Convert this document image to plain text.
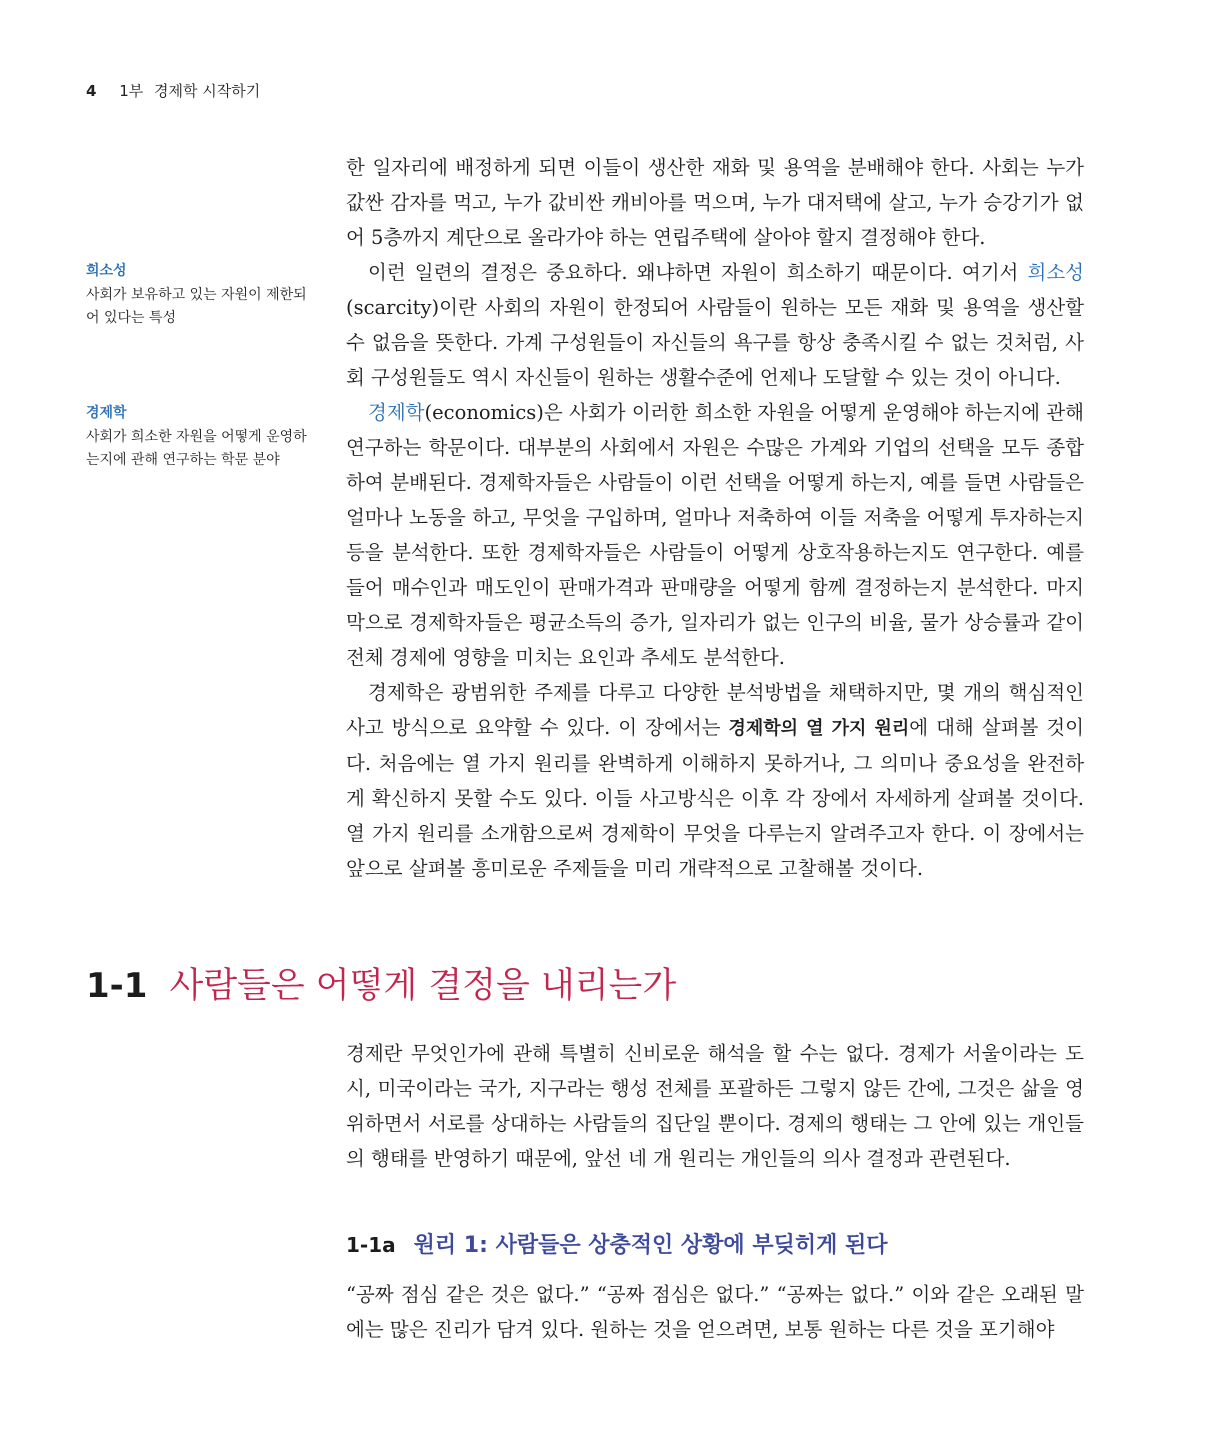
4 1부 경제학 시작하기
희소성
사회가 보유하고 있는 자원이 제한되어 있다는 특성
경제학
사회가 희소한 자원을 어떻게 운영하는지에 관해 연구하는 학문 분야

한 일자리에 배정하게 되면 이들이 생산한 재화 및 용역을 분배해야 한다. 사회는 누가 값싼 감자를 먹고, 누가 값비싼 캐비아를 먹으며, 누가 대저택에 살고, 누가 승강기가 없어 5층까지 계단으로 올라가야 하는 연립주택에 살아야 할지 결정해야 한다.

이런 일련의 결정은 중요하다. 왜냐하면 자원이 희소하기 때문이다. 여기서 희소성(scarcity)이란 사회의 자원이 한정되어 사람들이 원하는 모든 재화 및 용역을 생산할 수 없음을 뜻한다. 가계 구성원들이 자신들의 욕구를 항상 충족시킬 수 없는 것처럼, 사회 구성원들도 역시 자신들이 원하는 생활수준에 언제나 도달할 수 있는 것이 아니다.

경제학(economics)은 사회가 이러한 희소한 자원을 어떻게 운영해야 하는지에 관해 연구하는 학문이다. 대부분의 사회에서 자원은 수많은 가계와 기업의 선택을 모두 종합하여 분배된다. 경제학자들은 사람들이 이런 선택을 어떻게 하는지, 예를 들면 사람들은 얼마나 노동을 하고, 무엇을 구입하며, 얼마나 저축하여 이들 저축을 어떻게 투자하는지 등을 분석한다. 또한 경제학자들은 사람들이 어떻게 상호작용하는지도 연구한다. 예를 들어 매수인과 매도인이 판매가격과 판매량을 어떻게 함께 결정하는지 분석한다. 마지막으로 경제학자들은 평균소득의 증가, 일자리가 없는 인구의 비율, 물가 상승률과 같이 전체 경제에 영향을 미치는 요인과 추세도 분석한다.

경제학은 광범위한 주제를 다루고 다양한 분석방법을 채택하지만, 몇 개의 핵심적인 사고 방식으로 요약할 수 있다. 이 장에서는 경제학의 열 가지 원리에 대해 살펴볼 것이다. 처음에는 열 가지 원리를 완벽하게 이해하지 못하거나, 그 의미나 중요성을 완전하게 확신하지 못할 수도 있다. 이들 사고방식은 이후 각 장에서 자세하게 살펴볼 것이다. 열 가지 원리를 소개함으로써 경제학이 무엇을 다루는지 알려주고자 한다. 이 장에서는 앞으로 살펴볼 흥미로운 주제들을 미리 개략적으로 고찰해볼 것이다.

1-1 사람들은 어떻게 결정을 내리는가

경제란 무엇인가에 관해 특별히 신비로운 해석을 할 수는 없다. 경제가 서울이라는 도시, 미국이라는 국가, 지구라는 행성 전체를 포괄하든 그렇지 않든 간에, 그것은 삶을 영위하면서 서로를 상대하는 사람들의 집단일 뿐이다. 경제의 행태는 그 안에 있는 개인들의 행태를 반영하기 때문에, 앞선 네 개 원리는 개인들의 의사 결정과 관련된다.

1-1a 원리 1: 사람들은 상충적인 상황에 부딪히게 된다

“공짜 점심 같은 것은 없다.” “공짜 점심은 없다.” “공짜는 없다.” 이와 같은 오래된 말에는 많은 진리가 담겨 있다. 원하는 것을 얻으려면, 보통 원하는 다른 것을 포기해야
